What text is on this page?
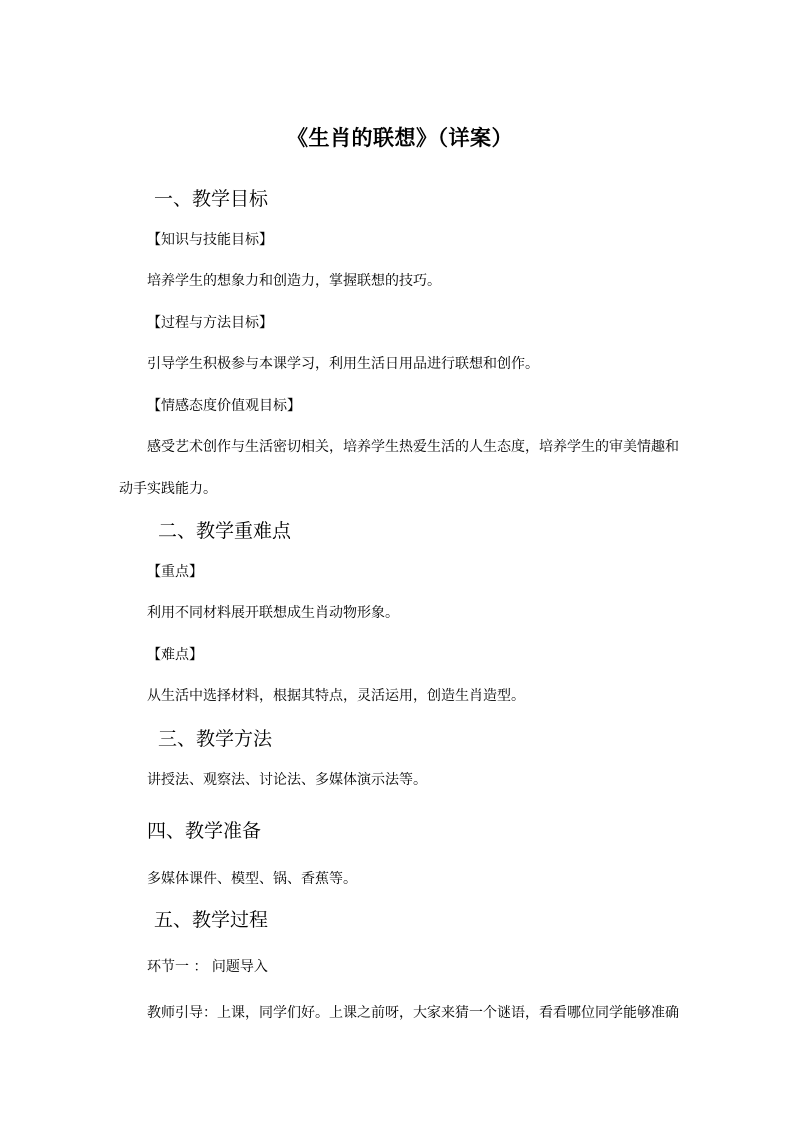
《生肖的联想》（详案）
一、教学目标
【知识与技能目标】
培养学生的想象力和创造力，掌握联想的技巧。
【过程与方法目标】
引导学生积极参与本课学习，利用生活日用品进行联想和创作。
【情感态度价值观目标】
感受艺术创作与生活密切相关，培养学生热爱生活的人生态度，培养学生的审美情趣和
动手实践能力。
二、教学重难点
【重点】
利用不同材料展开联想成生肖动物形象。
【难点】
从生活中选择材料，根据其特点，灵活运用，创造生肖造型。
三、教学方法
讲授法、观察法、讨论法、多媒体演示法等。
四、教学准备
多媒体课件、模型、锅、香蕉等。
五、教学过程
环节一 ： 问题导入
教师引导：上课，同学们好。上课之前呀，大家来猜一个谜语，看看哪位同学能够准确
